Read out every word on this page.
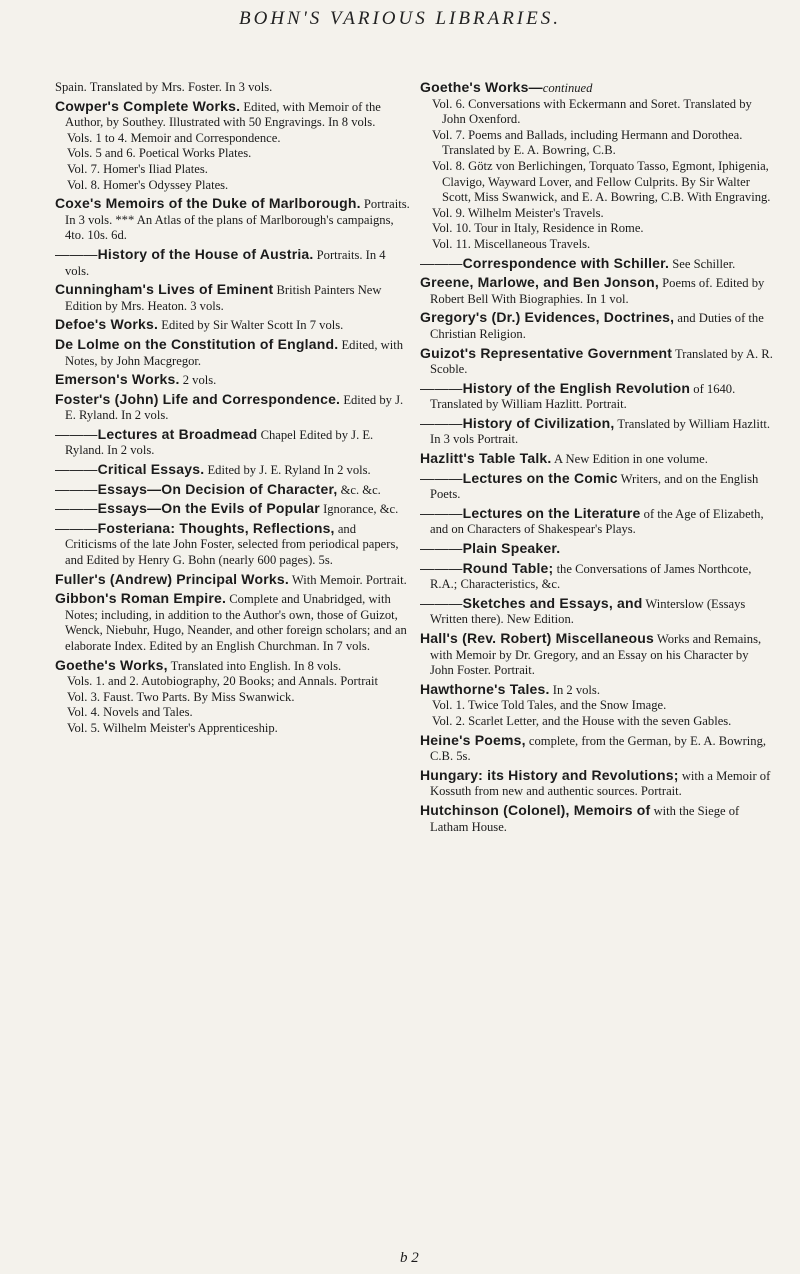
BOHN'S VARIOUS LIBRARIES.

Spain. Translated by Mrs. Foster. In 3 vols.

Cowper's Complete Works. Edited, with Memoir of the Author, by Southey. Illustrated with 50 Engravings. In 8 vols.

Vols. 1 to 4. Memoir and Correspondence.

Vols. 5 and 6. Poetical Works Plates.

Vol. 7. Homer's Iliad Plates.

Vol. 8. Homer's Odyssey Plates.

Coxe's Memoirs of the Duke of Marlborough. Portraits. In 3 vols. *** An Atlas of the plans of Marlborough's campaigns, 4to. 10s. 6d.

——— History of the House of Austria. Portraits. In 4 vols.

Cunningham's Lives of Eminent British Painters New Edition by Mrs. Heaton. 3 vols.

Defoe's Works. Edited by Sir Walter Scott In 7 vols.

De Lolme on the Constitution of England. Edited, with Notes, by John Macgregor.

Emerson's Works. 2 vols.

Foster's (John) Life and Correspondence. Edited by J. E. Ryland. In 2 vols.

——— Lectures at Broadmead Chapel Edited by J. E. Ryland. In 2 vols.

——— Critical Essays. Edited by J. E. Ryland In 2 vols.

——— Essays—On Decision of Character, &c. &c.

——— Essays—On the Evils of Popular Ignorance, &c.

——— Fosteriana: Thoughts, Reflections, and Criticisms of the late John Foster, selected from periodical papers, and Edited by Henry G. Bohn (nearly 600 pages). 5s.

Fuller's (Andrew) Principal Works. With Memoir. Portrait.

Gibbon's Roman Empire. Complete and Unabridged, with Notes; including, in addition to the Author's own, those of Guizot, Wenck, Niebuhr, Hugo, Neander, and other foreign scholars; and an elaborate Index. Edited by an English Churchman. In 7 vols.

Goethe's Works, Translated into English. In 8 vols.

Vols. 1. and 2. Autobiography, 20 Books; and Annals. Portrait

Vol. 3. Faust. Two Parts. By Miss Swanwick.

Vol. 4. Novels and Tales.

Vol. 5. Wilhelm Meister's Apprenticeship.

Goethe's Works—continued

Vol. 6. Conversations with Eckermann and Soret. Translated by John Oxenford.

Vol. 7. Poems and Ballads, including Hermann and Dorothea. Translated by E. A. Bowring, C.B.

Vol. 8. Götz von Berlichingen, Torquato Tasso, Egmont, Iphigenia, Clavigo, Wayward Lover, and Fellow Culprits. By Sir Walter Scott, Miss Swanwick, and E. A. Bowring, C.B. With Engraving.

Vol. 9. Wilhelm Meister's Travels.

Vol. 10. Tour in Italy, Residence in Rome.

Vol. 11. Miscellaneous Travels.

——— Correspondence with Schiller. See Schiller.

Greene, Marlowe, and Ben Jonson, Poems of. Edited by Robert Bell With Biographies. In 1 vol.

Gregory's (Dr.) Evidences, Doctrines, and Duties of the Christian Religion.

Guizot's Representative Government Translated by A. R. Scoble.

——— History of the English Revolution of 1640. Translated by William Hazlitt. Portrait.

——— History of Civilization, Translated by William Hazlitt. In 3 vols Portrait.

Hazlitt's Table Talk. A New Edition in one volume.

——— Lectures on the Comic Writers, and on the English Poets.

——— Lectures on the Literature of the Age of Elizabeth, and on Characters of Shakespear's Plays.

——— Plain Speaker.

——— Round Table; the Conversations of James Northcote, R.A.; Characteristics, &c.

——— Sketches and Essays, and Winterslow (Essays Written there). New Edition.

Hall's (Rev. Robert) Miscellaneous Works and Remains, with Memoir by Dr. Gregory, and an Essay on his Character by John Foster. Portrait.

Hawthorne's Tales. In 2 vols.

Vol. 1. Twice Told Tales, and the Snow Image.

Vol. 2. Scarlet Letter, and the House with the seven Gables.

Heine's Poems, complete, from the German, by E. A. Bowring, C.B. 5s.

Hungary: its History and Revolutions; with a Memoir of Kossuth from new and authentic sources. Portrait.

Hutchinson (Colonel), Memoirs of with the Siege of Latham House.

b 2
